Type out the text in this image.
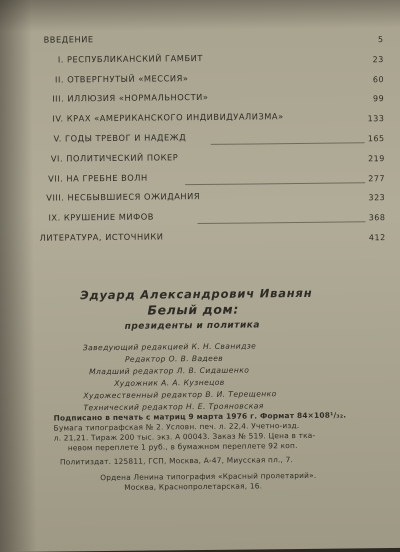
ВВЕДЕНИЕ	5
I. РЕСПУБЛИКАНСКИЙ ГАМБИТ	23
II. ОТВЕРГНУТЫЙ «МЕССИЯ»	60
III. ИЛЛЮЗИЯ «НОРМАЛЬНОСТИ»	99
IV. КРАХ «АМЕРИКАНСКОГО ИНДИВИДУАЛИЗМА»	133
V. ГОДЫ ТРЕВОГ И НАДЕЖД	165
VI. ПОЛИТИЧЕСКИЙ ПОКЕР	219
VII. НА ГРЕБНЕ ВОЛН	277
VIII. НЕСБЫВШИЕСЯ ОЖИДАНИЯ	323
IX. КРУШЕНИЕ МИФОВ	368
ЛИТЕРАТУРА, ИСТОЧНИКИ	412
Эдуард Александрович Иванян
Белый дом:
президенты и политика
Заведующий редакцией К. Н. Сванидзе
Редактор О. В. Вадеев
Младший редактор Л. В. Сидашенко
Художник А. А. Кузнецов
Художественный редактор В. И. Терещенко
Технический редактор Н. Е. Трояновская
Подписано в печать с матриц 9 марта 1976 г. Формат 84×108¹/₃₂.
Бумага типографская № 2. Условн. печ. л. 22,4. Учетно-изд.
л. 21,21. Тираж 200 тыс. экз. А 00043. Заказ № 519. Цена в тка-
невом переплете 1 руб., в бумажном переплете 92 коп.
Политиздат. 125811, ГСП, Москва, А-47, Миусская пл., 7.
Ордена Ленина типография «Красный пролетарий».
Москва, Краснопролетарская, 16.
